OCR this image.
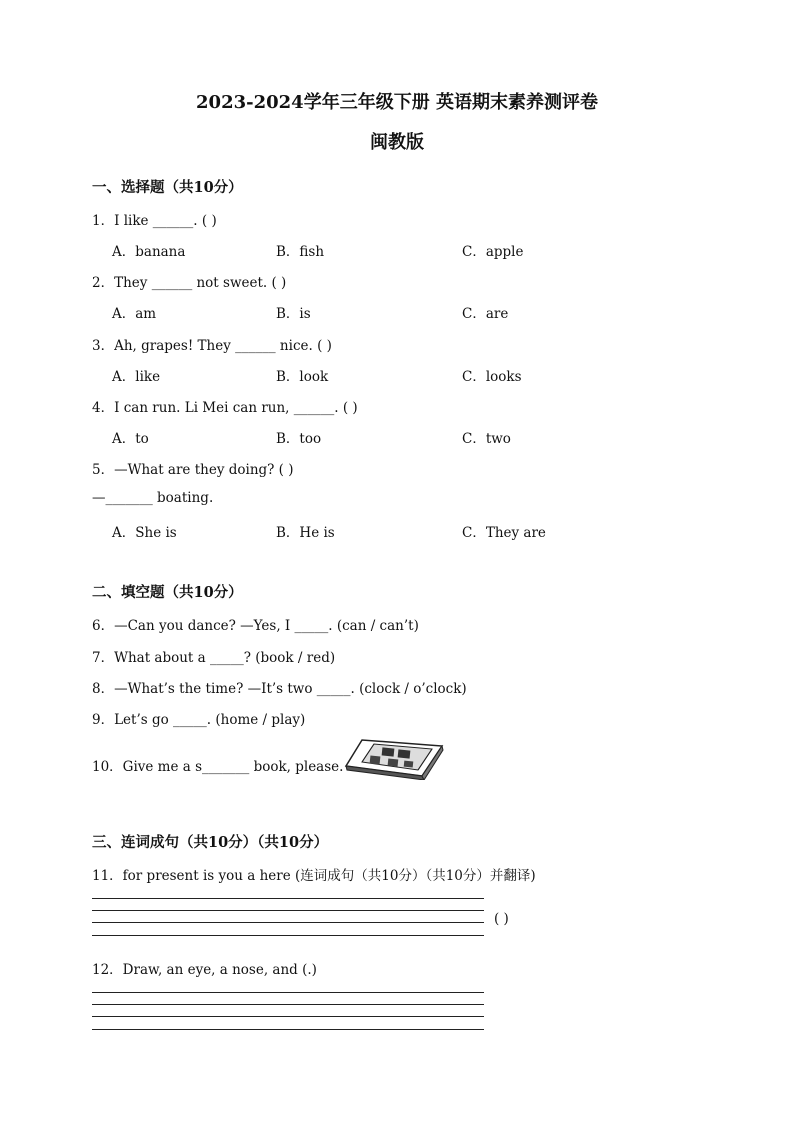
2023-2024学年三年级下册 英语期末素养测评卷
闽教版
一、选择题（共10分）
1．I like ______. ( )
A．banana	B．fish	C．apple
2．They ______ not sweet. ( )
A．am	B．is	C．are
3．Ah, grapes! They ______ nice. ( )
A．like	B．look	C．looks
4．I can run. Li Mei can run, ______. ( )
A．to	B．too	C．two
5．—What are they doing? ( )
—_______ boating.
A．She is	B．He is	C．They are
二、填空题（共10分）
6．—Can you dance? —Yes, I _____. (can / can’t)
7．What about a _____? (book / red)
8．—What’s the time? —It’s two _____. (clock / o’clock)
9．Let’s go _____. (home / play)
10．Give me a s_______ book, please.
三、连词成句（共10分）（共10分）
11．for present is you a here (连词成句（共10分）（共10分）并翻译)
( )
12．Draw, an eye, a nose, and (.)
